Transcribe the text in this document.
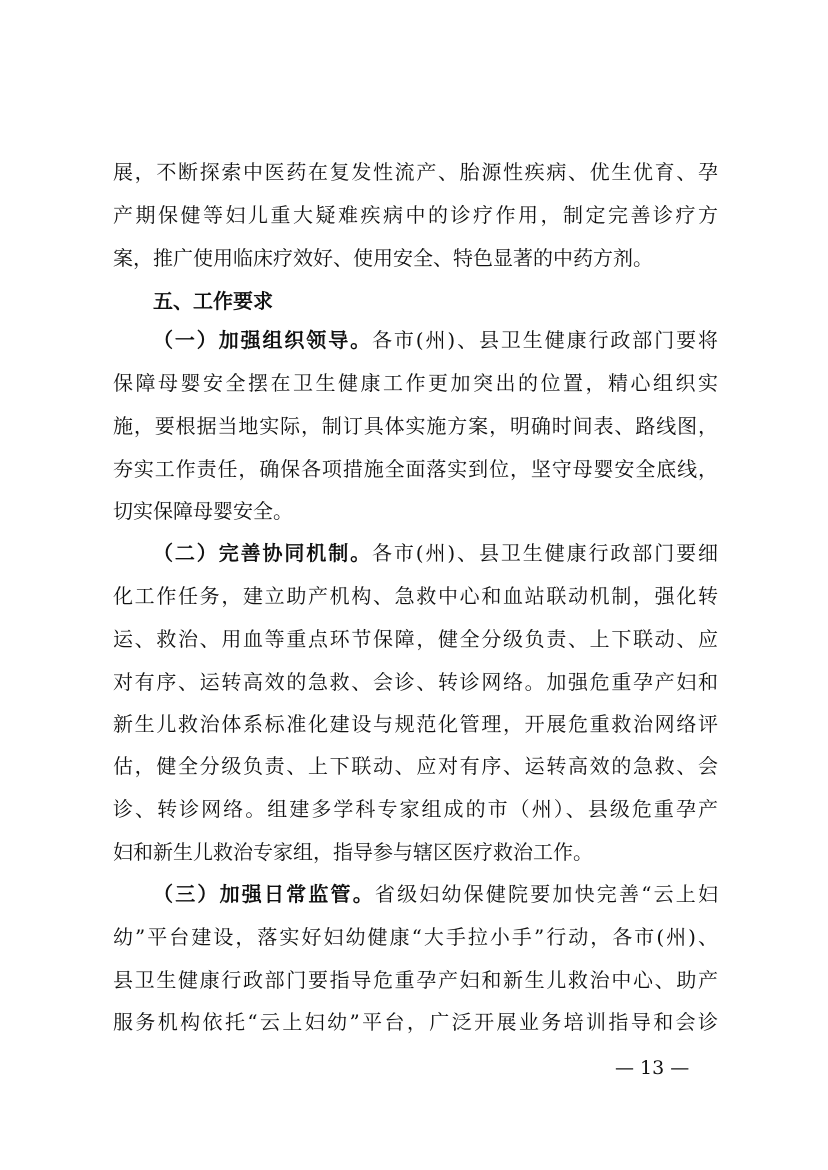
展，不断探索中医药在复发性流产、胎源性疾病、优生优育、孕
产期保健等妇儿重大疑难疾病中的诊疗作用，制定完善诊疗方
案，推广使用临床疗效好、使用安全、特色显著的中药方剂。
五、工作要求
（一）加强组织领导。各市(州)、县卫生健康行政部门要将
保障母婴安全摆在卫生健康工作更加突出的位置，精心组织实
施，要根据当地实际，制订具体实施方案，明确时间表、路线图，
夯实工作责任，确保各项措施全面落实到位，坚守母婴安全底线，
切实保障母婴安全。
（二）完善协同机制。各市(州)、县卫生健康行政部门要细
化工作任务，建立助产机构、急救中心和血站联动机制，强化转
运、救治、用血等重点环节保障，健全分级负责、上下联动、应
对有序、运转高效的急救、会诊、转诊网络。加强危重孕产妇和
新生儿救治体系标准化建设与规范化管理，开展危重救治网络评
估，健全分级负责、上下联动、应对有序、运转高效的急救、会
诊、转诊网络。组建多学科专家组成的市（州）、县级危重孕产
妇和新生儿救治专家组，指导参与辖区医疗救治工作。
（三）加强日常监管。省级妇幼保健院要加快完善“云上妇
幼”平台建设，落实好妇幼健康“大手拉小手”行动，各市(州)、
县卫生健康行政部门要指导危重孕产妇和新生儿救治中心、助产
服务机构依托“云上妇幼”平台，广泛开展业务培训指导和会诊
— 13 —
